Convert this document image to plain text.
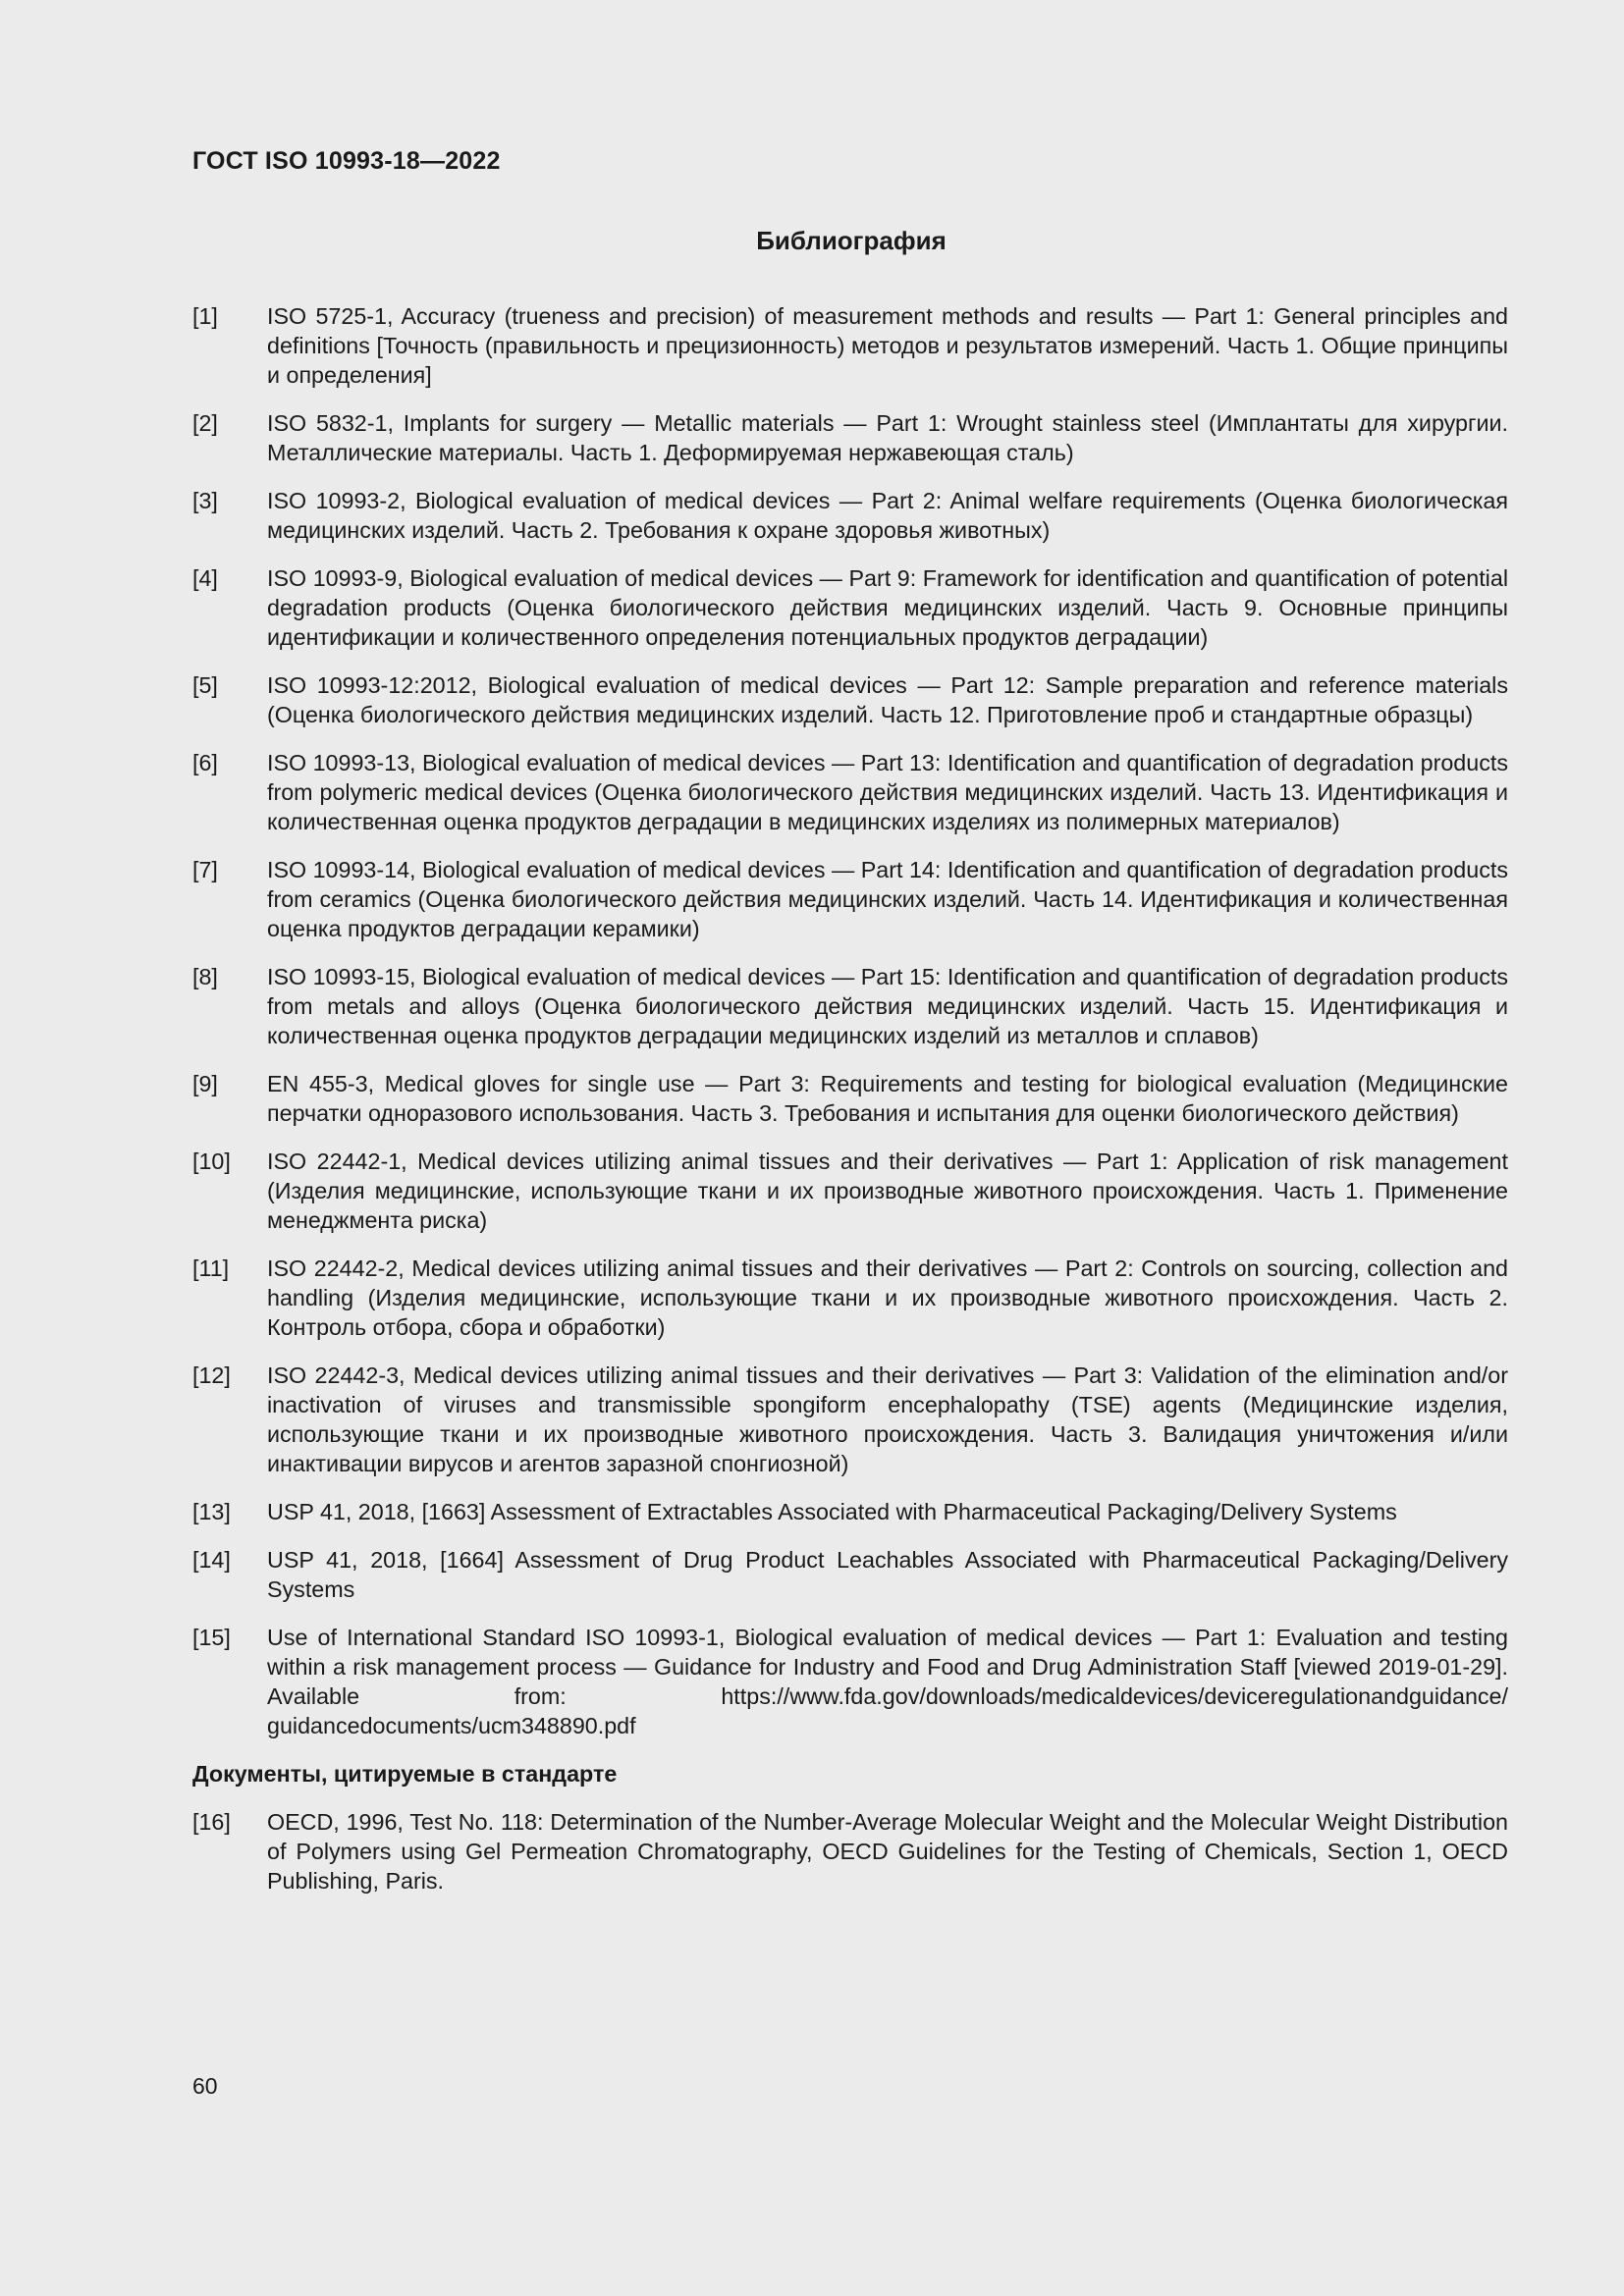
ГОСТ ISO 10993-18—2022
Библиография
[1]	ISO 5725-1, Accuracy (trueness and precision) of measurement methods and results — Part 1: General principles and definitions [Точность (правильность и прецизионность) методов и результатов измерений. Часть 1. Общие принципы и определения]
[2]	ISO 5832-1, Implants for surgery — Metallic materials — Part 1: Wrought stainless steel (Имплантаты для хирургии. Металлические материалы. Часть 1. Деформируемая нержавеющая сталь)
[3]	ISO 10993-2, Biological evaluation of medical devices — Part 2: Animal welfare requirements (Оценка биологическая медицинских изделий. Часть 2. Требования к охране здоровья животных)
[4]	ISO 10993-9, Biological evaluation of medical devices — Part 9: Framework for identification and quantification of potential degradation products (Оценка биологического действия медицинских изделий. Часть 9. Основные принципы идентификации и количественного определения потенциальных продуктов деградации)
[5]	ISO 10993-12:2012, Biological evaluation of medical devices — Part 12: Sample preparation and reference materials (Оценка биологического действия медицинских изделий. Часть 12. Приготовление проб и стандартные образцы)
[6]	ISO 10993-13, Biological evaluation of medical devices — Part 13: Identification and quantification of degradation products from polymeric medical devices (Оценка биологического действия медицинских изделий. Часть 13. Идентификация и количественная оценка продуктов деградации в медицинских изделиях из полимерных материалов)
[7]	ISO 10993-14, Biological evaluation of medical devices — Part 14: Identification and quantification of degradation products from ceramics (Оценка биологического действия медицинских изделий. Часть 14. Идентификация и количественная оценка продуктов деградации керамики)
[8]	ISO 10993-15, Biological evaluation of medical devices — Part 15: Identification and quantification of degradation products from metals and alloys (Оценка биологического действия медицинских изделий. Часть 15. Идентификация и количественная оценка продуктов деградации медицинских изделий из металлов и сплавов)
[9]	EN 455-3, Medical gloves for single use — Part 3: Requirements and testing for biological evaluation (Медицинские перчатки одноразового использования. Часть 3. Требования и испытания для оценки биологического действия)
[10]	ISO 22442-1, Medical devices utilizing animal tissues and their derivatives — Part 1: Application of risk management (Изделия медицинские, использующие ткани и их производные животного происхождения. Часть 1. Применение менеджмента риска)
[11]	ISO 22442-2, Medical devices utilizing animal tissues and their derivatives — Part 2: Controls on sourcing, collection and handling (Изделия медицинские, использующие ткани и их производные животного происхождения. Часть 2. Контроль отбора, сбора и обработки)
[12]	ISO 22442-3, Medical devices utilizing animal tissues and their derivatives — Part 3: Validation of the elimination and/or inactivation of viruses and transmissible spongiform encephalopathy (TSE) agents (Медицинские изделия, использующие ткани и их производные животного происхождения. Часть 3. Валидация уничтожения и/или инактивации вирусов и агентов заразной спонгиозной)
[13]	USP 41, 2018, [1663] Assessment of Extractables Associated with Pharmaceutical Packaging/Delivery Systems
[14]	USP 41, 2018, [1664] Assessment of Drug Product Leachables Associated with Pharmaceutical Packaging/Delivery Systems
[15]	Use of International Standard ISO 10993-1, Biological evaluation of medical devices — Part 1: Evaluation and testing within a risk management process — Guidance for Industry and Food and Drug Administration Staff [viewed 2019-01-29]. Available from: https://www.fda.gov/downloads/medicaldevices/deviceregulationandguidance/ guidancedocuments/ucm348890.pdf
Документы, цитируемые в стандарте
[16]	OECD, 1996, Test No. 118: Determination of the Number-Average Molecular Weight and the Molecular Weight Distribution of Polymers using Gel Permeation Chromatography, OECD Guidelines for the Testing of Chemicals, Section 1, OECD Publishing, Paris.
60
